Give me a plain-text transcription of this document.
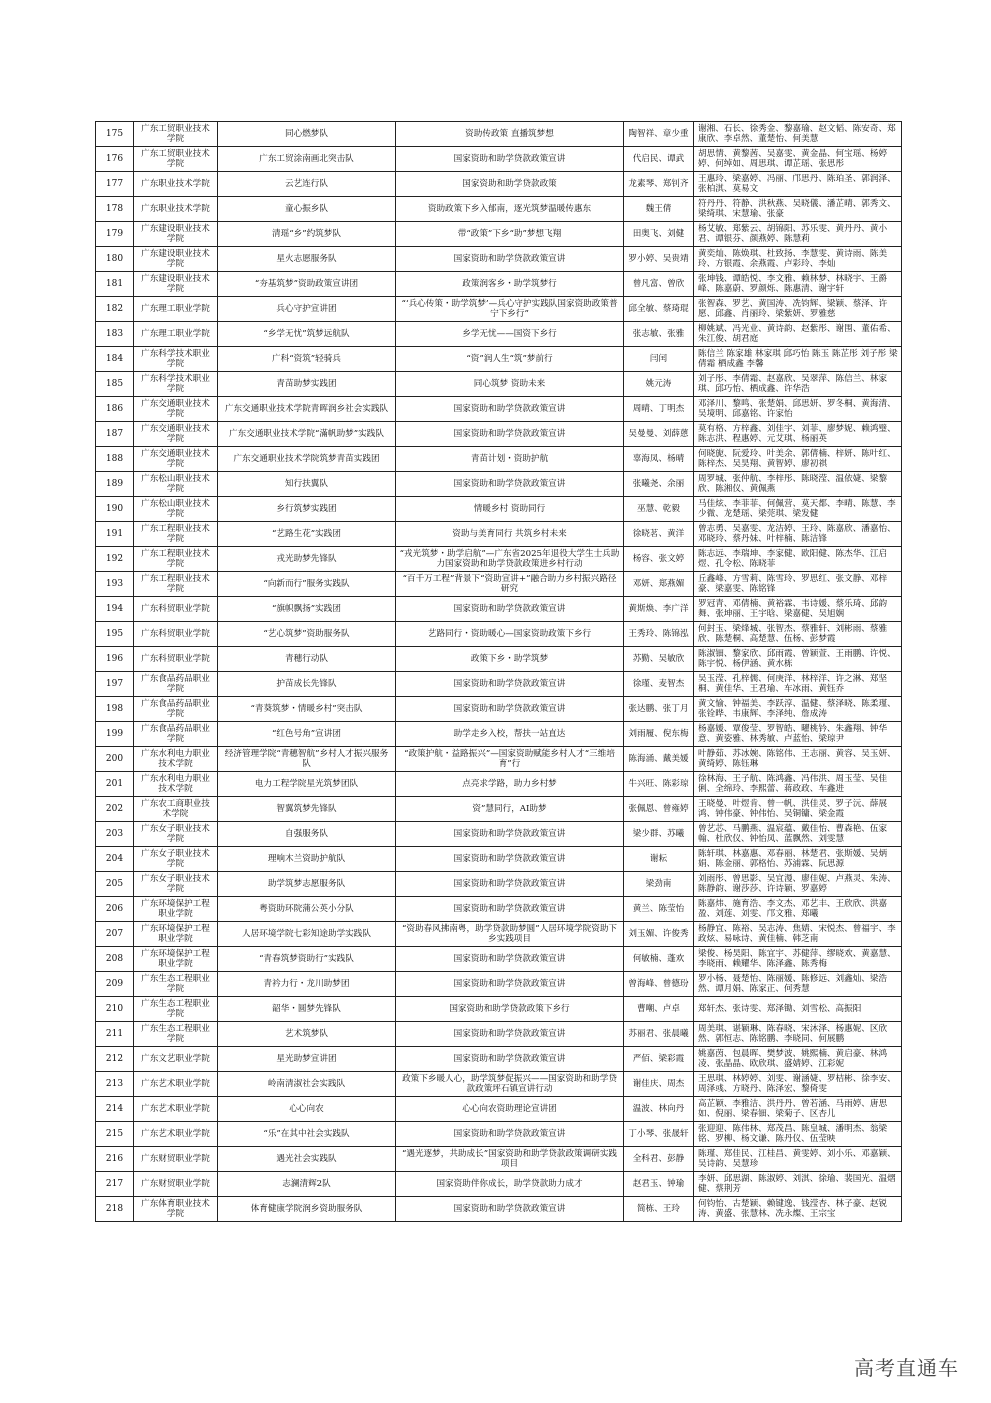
175	广东工贸职业技术学院	同心燃梦队	资助传政策 直播筑梦想	陶智祥、章少重	谢湘、石长、徐秀金、黎嘉瑜、赵文韬、陈安奇、郑康欣、李卓然、董楚怡、何美慧
176	广东工贸职业技术学院	广东工贸涂南画北突击队	国家资助和助学贷款政策宣讲	代启民、谭武	胡思情、黄黎茜、吴嘉雯、黄金晶、何宝瑶、杨婷婷、何绰如、周思琪、谭芷瑶、张思彤
177	广东职业技术学院	云艺连行队	国家资助和助学贷款政策	龙素琴、郑钊齐	王惠玲、梁嘉婷、冯丽、邝思丹、陈珀圣、郭润泽、张柏淇、莫易文
178	广东职业技术学院	童心振乡队	资助政策下乡入郁南，逐光筑梦温暖传惠东	魏王倩	符丹丹、符静、洪秋燕、吴晓儀、潘芷晴、郭秀文、梁绮琪、宋慧瑜、张豪
179	广东建设职业技术学院	清瑶“乡”约筑梦队	带“政策”下乡“助”梦想飞翔	田奥飞、刘健	杨艾敏、郑紫云、胡锦阳、苏乐雯、黄丹丹、黄小君、谭银芬、颜燕婷、陈慧莉
180	广东建设职业技术学院	星火志愿服务队	国家资助和助学贷款政策宣讲	罗小婷、吴贵靖	黄奕灿、陈焕琪、杜致扬、李慧雯、黄诗雨、陈美玲、方银霞、余燕霞、卢彩玲、李灿
181	广东建设职业技术学院	“夯基筑梦”资助政策宣讲团	政策润客乡・助学筑梦行	曾凡富、曾欣	张坤钱、谭皓悦、李文雅、赖林梦、林晓宇、王爵峰、陈嘉蔚、罗颜烁、陈惠清、谢宇轩
182	广东理工职业学院	兵心守护宣讲团	“‘兵心传策・助学筑梦’—兵心守护实践队国家资助政策普宁下乡行”	邱全敏、蔡琦琨	张智森、罗艺、黄国涛、冼钧辉、梁颖、蔡泽、许愿、邱鑫、肖丽玲、梁紫妍、罗雅慈
183	广东理工职业学院	“乡学无忧”筑梦远航队	乡学无忧——国资下乡行	张志敏、张雅	柳姚斌、冯光业、黄诗韵、赵紫彤、谢围、董佑希、朱江俊、胡君庭
184	广东科学技术职业学院	广科“资筑”轻骑兵	“资”润人生“筑”梦前行	闫闰	陈信兰 陈家雄 林家琪 邱巧怡 陈玉 陈芷彤 刘子彤 梁倩霜 栖成鑫 李馨
185	广东科学技术职业学院	青苗助梦实践团	同心筑梦 资助未来	姚元涛	刘子彤、李倩霜、赵嘉欣、吴翠萍、陈信兰、林家琪、邱巧怡、栖成鑫、许华浩
186	广东交通职业技术学院	广东交通职业技术学院青晖润乡社会实践队	国家资助和助学贷款政策宣讲	周晴、丁明杰	邓泽川、黎鸣、张楚娟、邱思妍、罗冬桐、黄海清、吴境明、邱嘉铭、许家怡
187	广东交通职业技术学院	广东交通职业技术学院“滿帆助梦”实践队	国家资助和助学贷款政策宣讲	吴曼曼、刘薛蒽	莫有格、方梓鑫、刘佳宇、刘菲、廖梦妮、赖鸿璧、陈志洪、程惠婷、元艾琪、杨丽英
188	广东交通职业技术学院	广东交通职业技术学院筑梦青苗实践团	青苗计划・资助护航	辜海凤、杨晴	何晓旎、阮爱玲、叶美余、郭倩楠、梓妍、陈叶红、陈梓杰、吴昊翔、黄智婷、廖初祺
189	广东松山职业技术学院	知行扶翼队	国家资助和助学贷款政策宣讲	张曦尧、余丽	周罗城、张仲航、李梓彤、陈晓滢、温依婕、梁黎欣、陈湘仪、黄佩燕
190	广东松山职业技术学院	乡行筑梦实践团	情暖乡村 资助同行	巫慧、乾毅	马佳炫、李菲菲、何佩营、莫天都、李晴、陈慧、李少微、龙楚瑶、梁莞琪、梁发健
191	广东工程职业技术学院	“艺路生花”实践团	资助与美育同行 共筑乡村未来	徐晓茗、黄洋	曾志勇、吴嘉雯、龙洁婷、王玲、陈嘉欣、潘嘉怡、邓晓玲、蔡丹妹、叶梓楠、陈洁锋
192	广东工程职业技术学院	戎光助梦先锋队	“戎光筑梦・助学启航”—广东省2025年退役大学生士兵助力国家资助和助学贷款政策进乡村行动	杨容、张文婷	陈志远、李瑞坤、李家健、欧阳健、陈杰华、江启煜、孔令松、陈晓菲
193	广东工程职业技术学院	“向新而行”服务实践队	“百千万工程”背景下“资助宣讲+”融合助力乡村振兴路径研究	邓妍、郑燕媚	丘鑫峰、方雪莉、陈雪玲、罗思红、张文静、邓梓豪、梁嘉雯、陈铭锋
194	广东科贸职业学院	“旗帜飘扬”实践团	国家资助和助学贷款政策宣讲	黄斯焕、李广洋	罗冠青、邓倩楠、黄裕霖、韦诗媛、蔡乐琦、邱韵舞、张坤丽、王宇晗、梁嘉健、吴旭娴
195	广东科贸职业学院	“艺心筑梦”资助服务队	艺路同行・资助暖心—国家资助政策下乡行	王秀玲、陈锦泓	何封玉、梁烽城、张智杰、蔡雅轩、刘彬雨、蔡雅欣、陈楚桐、高楚慧、伍杨、彭梦霞
196	广东科贸职业学院	青穗行动队	政策下乡・助学筑梦	苏勤、吴敏欣	陈淑钿、黎家欣、邱雨霞、曾颖萱、王雨鹏、许悦、陈宇悦、杨伊涵、黄水栋
197	广东食品药品职业学院	护苗成长先锋队	国家资助和助学贷款政策宣讲	徐瑾、麦智杰	吴玉滢、孔梓儒、何庚洋、林梓洋、许之淋、郑坚桐、黄佳华、王君瑜、车冰雨、黄钰乔
198	广东食品药品职业学院	“青葵筑梦・情暖乡村”突击队	国家资助和助学贷款政策宣讲	张达鹏、张丁月	黄文愉、钟福美、李跃淳、温健、蔡泽晓、陈柔瑾、张铨晔、韦康辉、李泽纯、詹成涛
199	广东食品药品职业学院	“红色号角”宣讲团	助学走乡入校，帮扶一站直达	刘雨履、倪东梅	杨嘉媛、覃俊莹、罗智皓、曜桃钤、朱鑫翔、钟华意、黄姿雅、林秀敏、卢蓝怡、梁琼尹
200	广东水利电力职业技术学院	经济管理学院“青穗智航”乡村人才振兴服务队	“政策护航・益路振兴”—国家资助赋能乡村人才“三维培育”行	陈海涌、戴美媛	叶静茹、苏冰婉、陈铭伟、王志丽、黄容、吴玉妍、黄绮婷、陈钰琳
201	广东水利电力职业技术学院	电力工程学院星光筑梦团队	点亮求学路，助力乡村梦	牛兴旺、陈彩琼	徐林海、王子航、陈鸿鑫、冯伟洪、周玉莹、吴佳俐、全绵玲、李熙蕾、蒋政政、车鑫进
202	广东农工商职业技术学院	智翼筑梦先锋队	资”慧同行，AI助梦	张佩恩、曾雍婷	王晓曼、叶煜肯、曾一帆、洪佳灵、罗子沅、薛展鸿、钟伟豪、钟伟怡、吴铜镛、梁金霞
203	广东女子职业技术学院	自强服务队	国家资助和助学贷款政策宣讲	梁少群、苏曦	曾艺芯、马鹏燕、温宸蕴、戴佳怡、曹森艳、伍家翰、杜欣仪、钟怡凤、蓝飘然、刘雯慧
204	广东女子职业技术学院	理响木兰资助护航队	国家资助和助学贷款政策宣讲	谢耘	陈轩琪、林嘉惠、邓春丽、林楚君、张斯媛、吴炳娟、陈金丽、郭格怡、苏浦霖、阮思源
205	广东女子职业技术学院	助学筑梦志愿服务队	国家资助和助学贷款政策宣讲	梁劲南	刘雨彤、曾思影、吴宜漫、廖佳妮、卢燕灵、朱涛、陈静韵、谢莎莎、许诗颖、罗嘉婷
206	广东环境保护工程职业学院	粤资助环院蒲公英小分队	国家资助和助学贷款政策宣讲	黄兰、陈莹怡	陈嘉炜、施育浩、李文杰、邓艺丰、王欣欣、洪嘉盈、刘莲、刘雯、邝文雅、郑曦
207	广东环境保护工程职业学院	人居环境学院七彩知途助学实践队	“资助春风拂南粤，助学贷款助梦圆”人居环境学院资助下乡实践项目	刘玉媚、许俊秀	杨静宜、陈裕、吴志涛、焦婧、宋悦杰、曾福宇、李政炫、易咏诗、黄佳楠、韩芝南
208	广东环境保护工程职业学院	“青春筑梦资助行”实践队	国家资助和助学贷款政策宣讲	何敏楠、蓬欢	梁俊、杨昊阳、陈宜宇、苏健萍、缪晓欢、黄嘉慧、李晓雨、赖耀华、陈泽鑫、陈秀梅
209	广东生态工程职业学院	青衿力行・龙川助梦团	国家资助和助学贷款政策宣讲	曾海峰、曾德玢	罗小杨、聂楚怡、陈丽媛、陈修远、刘鑫灿、梁浩然、谭月娟、陈家正、何秀慧
210	广东生态工程职业学院	韶华・圆梦先锋队	国家资助和助学贷款政策下乡行	曹嘲、卢卓	郑轩杰、张诗雯、郑泽锄、刘雪松、高振阳
211	广东生态工程职业学院	艺术筑梦队	国家资助和助学贷款政策宣讲	苏丽君、张晨曦	周美琪、谌颖琳、陈春晓、宋沐泽、杨惠妮、区欣然、郭恒志、陈铭鹏、李晓同、何展鹏
212	广东文艺职业学院	星光助梦宣讲团	国家资助和助学贷款政策宣讲	严佰、梁彩霞	姚嘉茵、包晨晖、樊梦波、姚熙楠、黄启豪、林鸿凌、张晶晶、欧欣琪、盛婧婷、江彩妮
213	广东艺术职业学院	岭南清淑社会实践队	政策下乡暖人心，助学筑梦促振兴——国家资助和助学贷款政策坪石镇宣讲行动	谢佳庆、周杰	王思琪、林婷婷、刘雯、谢涵婕、罗桔彬、徐李安、周泽彧、方晓丹、陈泽宏、黎倚雯
214	广东艺术职业学院	心心向农	心心向农资助理论宣讲团	温波、林向丹	高芷颖、李雅洁、洪丹丹、曾若涵、马雨婷、唐思如、倪丽、梁春钿、梁菊子、区杏儿
215	广东艺术职业学院	“乐”在其中社会实践队	国家资助和助学贷款政策宣讲	丁小琴、张晟轩	张迎迎、陈伟林、郑茂昌、陈皇城、潘明杰、翁梁铭、罗柳、杨文谦、陈丹仪、伍莹映
216	广东财贸职业学院	遇光社会实践队	“遇光逐梦，共助成长”国家资助和助学贷款政策调研实践项目	全科君、彭静	陈瑾、郑佳民、江桂昌、黄雯婷、刘小乐、邓嘉颖、吴诗韵、吴慧珍
217	广东财贸职业学院	志澜清辉2队	国家资助伴你成长，助学贷款助力成才	赵君玉、钟瑜	李妍、邱思湖、陈淑婷、刘淇、徐瑜、裴国光、温熠健、蔡荆芳
218	广东体育职业技术学院	体育健康学院润乡资助服务队	国家资助和助学贷款政策宣讲	简栋、王玲	何钧怡、古楚颖、赖键逸、钱滢杏、林子豪、赵锐涛、黄盛、张慧林、冼永燦、王宗宝
高考直通车
